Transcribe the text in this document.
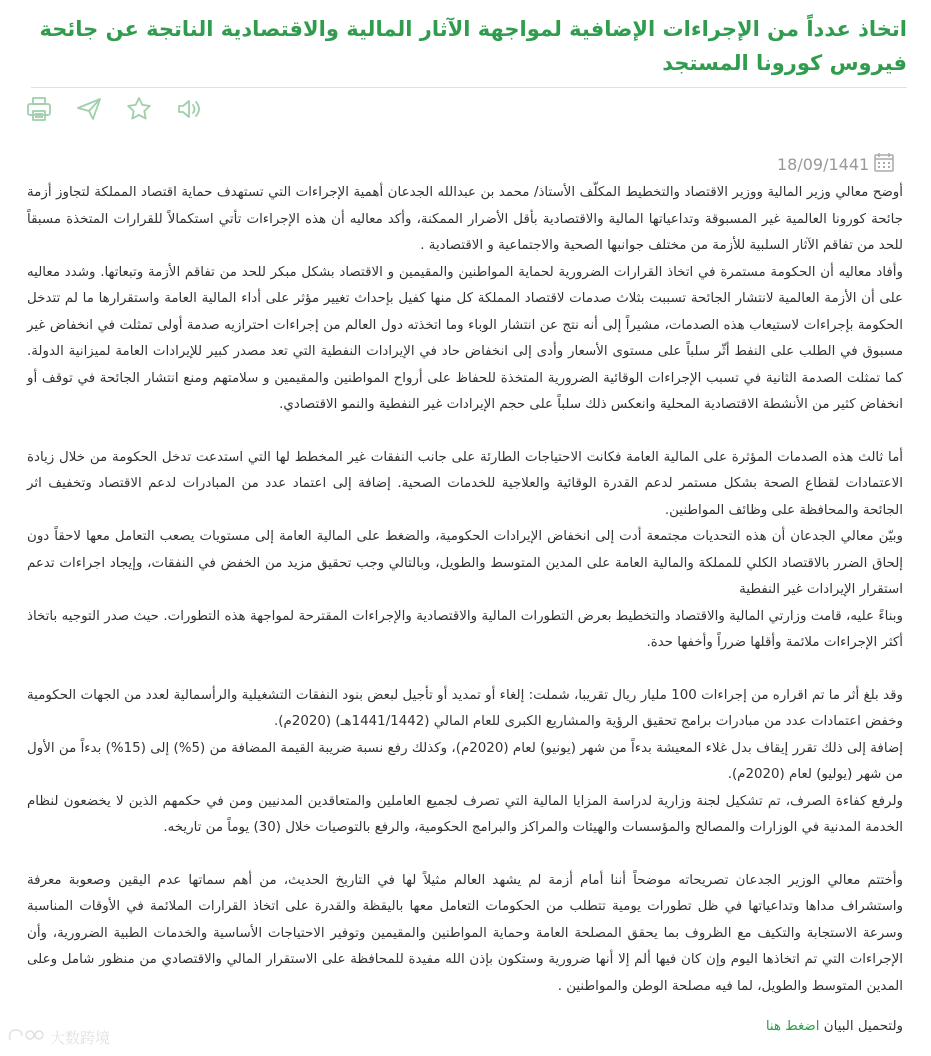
اتخاذ عدداً من الإجراءات الإضافية لمواجهة الآثار المالية والاقتصادية الناتجة عن جائحة فيروس كورونا المستجد
18/09/1441

أوضح معالي وزير المالية ووزير الاقتصاد والتخطيط المكلّف الأستاذ/ محمد بن عبدالله الجدعان أهمية الإجراءات التي تستهدف حماية اقتصاد المملكة لتجاوز أزمة جائحة كورونا العالمية غير المسبوقة وتداعياتها المالية والاقتصادية بأقل الأضرار الممكنة، وأكد معاليه أن هذه الإجراءات تأتي استكمالاً للقرارات المتخذة مسبقاً للحد من تفاقم الآثار السلبية للأزمة من مختلف جوانبها الصحية والاجتماعية و الاقتصادية .

وأفاد معاليه أن الحكومة مستمرة في اتخاذ القرارات الضرورية لحماية المواطنين والمقيمين و الاقتصاد بشكل مبكر للحد من تفاقم الأزمة وتبعاتها. وشدد معاليه على أن الأزمة العالمية لانتشار الجائحة تسببت بثلاث صدمات لاقتصاد المملكة كل منها كفيل بإحداث تغيير مؤثر على أداء المالية العامة واستقرارها ما لم تتدخل الحكومة بإجراءات لاستيعاب هذه الصدمات، مشيراً إلى أنه نتج عن انتشار الوباء وما اتخذته دول العالم من إجراءات احترازيه صدمة أولى تمثلت في انخفاض غير مسبوق في الطلب على النفط أثّر سلباً على مستوى الأسعار وأدى إلى انخفاض حاد في الإيرادات النفطية التي تعد مصدر كبير للإيرادات العامة لميزانية الدولة. كما تمثلت الصدمة الثانية في تسبب الإجراءات الوقائية الضرورية المتخذة للحفاظ على أرواح المواطنين والمقيمين و سلامتهم ومنع انتشار الجائحة في توقف أو انخفاض كثير من الأنشطة الاقتصادية المحلية وانعكس ذلك سلباً على حجم الإيرادات غير النفطية والنمو الاقتصادي.

أما ثالث هذه الصدمات المؤثرة على المالية العامة فكانت الاحتياجات الطارئة على جانب النفقات غير المخطط لها التي استدعت تدخل الحكومة من خلال زيادة الاعتمادات لقطاع الصحة بشكل مستمر لدعم القدرة الوقائية والعلاجية للخدمات الصحية. إضافة إلى اعتماد عدد من المبادرات لدعم الاقتصاد وتخفيف اثر الجائحة والمحافظة على وظائف المواطنين.

وبيّن معالي الجدعان أن هذه التحديات مجتمعة أدت إلى انخفاض الإيرادات الحكومية، والضغط على المالية العامة إلى مستويات يصعب التعامل معها لاحقاً دون إلحاق الضرر بالاقتصاد الكلي للمملكة والمالية العامة على المدين المتوسط والطويل، وبالتالي وجب تحقيق مزيد من الخفض في النفقات، وإيجاد اجراءات تدعم استقرار الإيرادات غير النفطية

وبناءً عليه، قامت وزارتي المالية والاقتصاد والتخطيط بعرض التطورات المالية والاقتصادية والإجراءات المقترحة لمواجهة هذه التطورات. حيث صدر التوجيه باتخاذ أكثر الإجراءات ملائمة وأقلها ضرراً وأخفها حدة.

وقد بلغ أثر ما تم اقراره من إجراءات 100 مليار ريال تقريبا، شملت: إلغاء أو تمديد أو تأجيل لبعض بنود النفقات التشغيلية والرأسمالية لعدد من الجهات الحكومية وخفض اعتمادات عدد من مبادرات برامج تحقيق الرؤية والمشاريع الكبرى للعام المالي (1441/1442هـ) (2020م).

إضافة إلى ذلك تقرر إيقاف بدل غلاء المعيشة بدءاً من شهر (يونيو) لعام (2020م)، وكذلك رفع نسبة ضريبة القيمة المضافة من (5%) إلى (15%) بدءاً من الأول من شهر (يوليو) لعام (2020م).

ولرفع كفاءة الصرف، تم تشكيل لجنة وزارية لدراسة المزايا المالية التي تصرف لجميع العاملين والمتعاقدين المدنيين ومن في حكمهم الذين لا يخضعون لنظام الخدمة المدنية في الوزارات والمصالح والمؤسسات والهيئات والمراكز والبرامج الحكومية، والرفع بالتوصيات خلال (30) يوماً من تاريخه.

وأختتم معالي الوزير الجدعان تصريحاته موضحاً أننا أمام أزمة لم يشهد العالم مثيلاً لها في التاريخ الحديث، من أهم سماتها عدم اليقين وصعوبة معرفة واستشراف مداها وتداعياتها في ظل تطورات يومية تتطلب من الحكومات التعامل معها باليقظة والقدرة على اتخاذ القرارات الملائمة في الأوقات المناسبة وسرعة الاستجابة والتكيف مع الظروف بما يحقق المصلحة العامة وحماية المواطنين والمقيمين وتوفير الاحتياجات الأساسية والخدمات الطبية الضرورية، وأن الإجراءات التي تم اتخاذها اليوم وإن كان فيها ألم إلا أنها ضرورية وستكون بإذن الله مفيدة للمحافظة على الاستقرار المالي والاقتصادي من منظور شامل وعلى المدين المتوسط والطويل، لما فيه مصلحة الوطن والمواطنين .

ولتحميل البيان اضغط هنا
大数跨境
